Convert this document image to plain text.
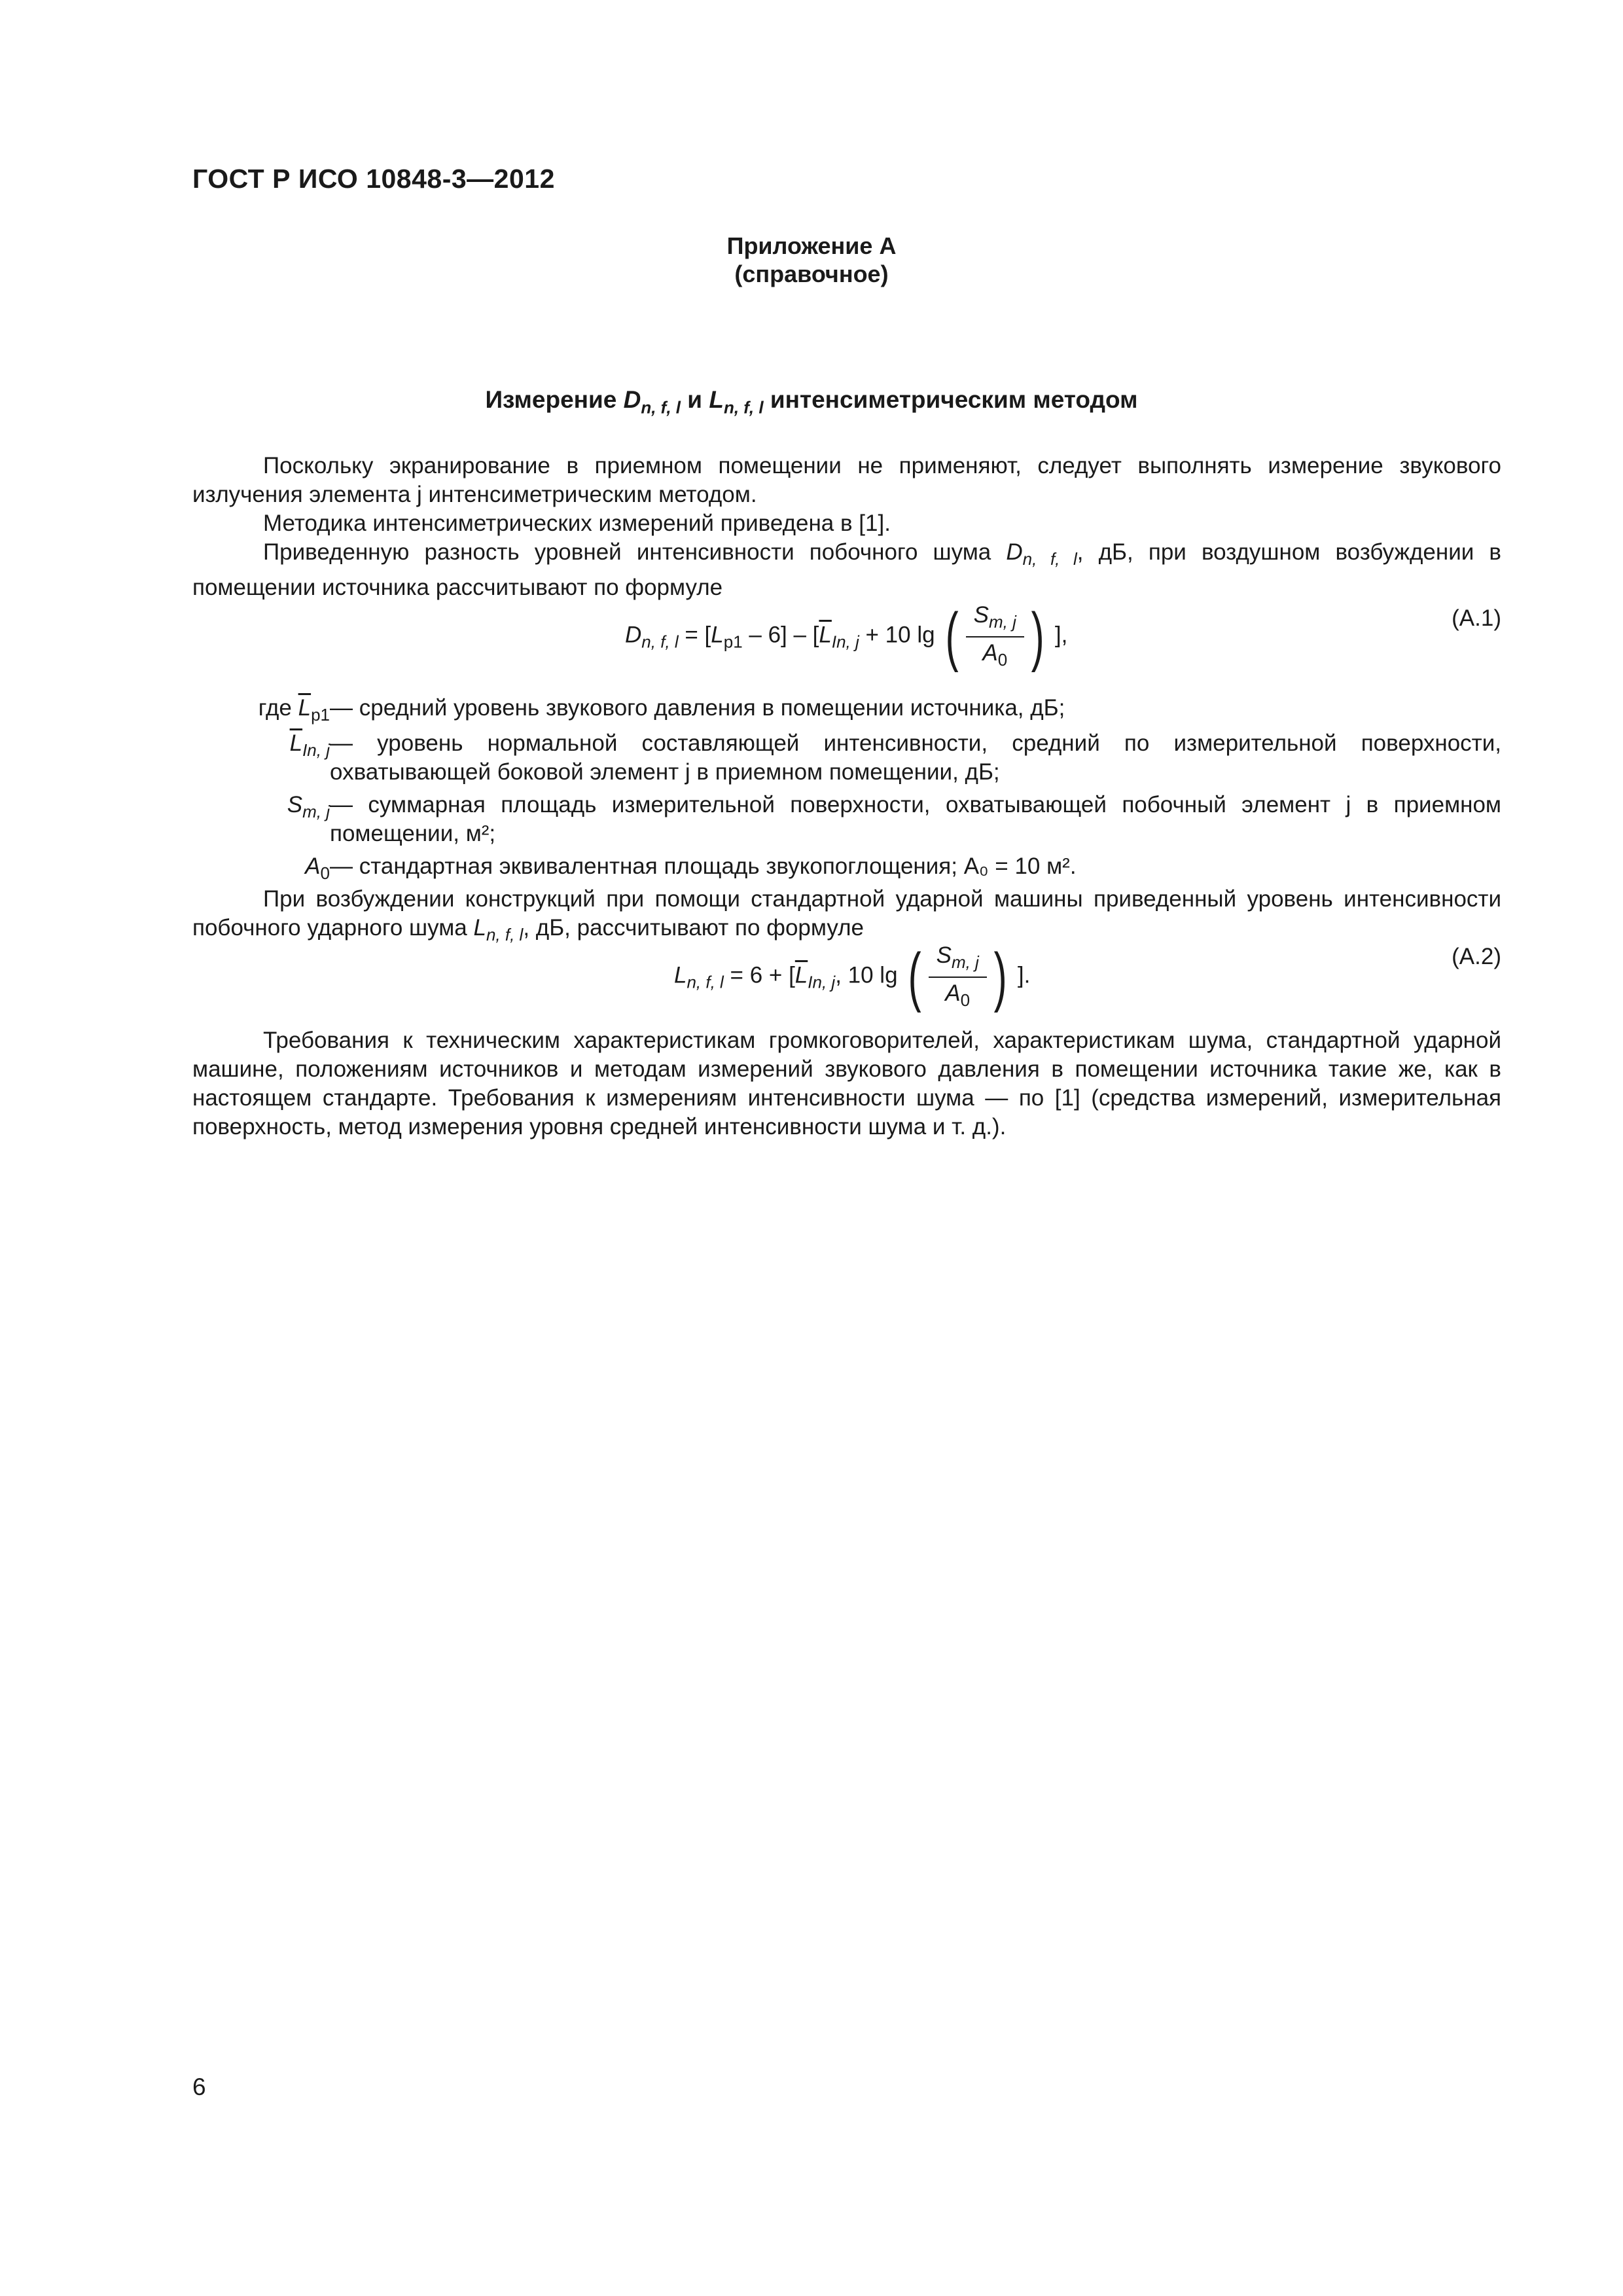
ГОСТ Р ИСО 10848-3—2012
Приложение А
(справочное)
Измерение $D_{n, f, l}$ и $L_{n, f, l}$ интенсиметрическим методом
Поскольку экранирование в приемном помещении не применяют, следует выполнять измерение звукового излучения элемента j интенсиметрическим методом.
Методика интенсиметрических измерений приведена в [1].
Приведенную разность уровней интенсивности побочного шума $D_{n, f, l}$, дБ, при воздушном возбуждении в помещении источника рассчитывают по формуле
$D_{n, f, l} = [L_{p1} - 6] - [\overline{L}_{In, j} + 10$ lg ( $\frac{S_{m, j}}{A_0}$ ) ],
(А.1)
где $\overline{L}_{p1}$ — средний уровень звукового давления в помещении источника, дБ;
$\overline{L}_{In, j}$ — уровень нормальной составляющей интенсивности, средний по измерительной поверхности, охватывающей боковой элемент j в приемном помещении, дБ;
$S_{m, j}$ — суммарная площадь измерительной поверхности, охватывающей побочный элемент j в приемном помещении, м²;
$A_0$ — стандартная эквивалентная площадь звукопоглощения; A₀ = 10 м².
При возбуждении конструкций при помощи стандартной ударной машины приведенный уровень интенсивности побочного ударного шума $L_{n, f, l}$, дБ, рассчитывают по формуле
$L_{n, f, l} = 6 + [\overline{L}_{In, j}$, 10 lg ( $\frac{S_{m, j}}{A_0}$ ) ].
(А.2)
Требования к техническим характеристикам громкоговорителей, характеристикам шума, стандартной ударной машине, положениям источников и методам измерений звукового давления в помещении источника такие же, как в настоящем стандарте. Требования к измерениям интенсивности шума — по [1] (средства измерений, измерительная поверхность, метод измерения уровня средней интенсивности шума и т. д.).
6
